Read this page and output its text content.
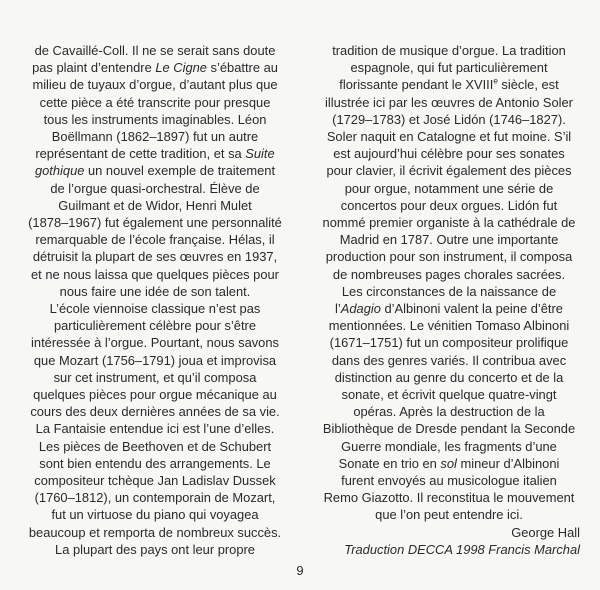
de Cavaillé-Coll. Il ne se serait sans doute
pas plaint d’entendre Le Cigne s’ébattre au
milieu de tuyaux d’orgue, d’autant plus que
cette pièce a été transcrite pour presque
tous les instruments imaginables. Léon
Boëllmann (1862–1897) fut un autre
représentant de cette tradition, et sa Suite
gothique un nouvel exemple de traitement
de l’orgue quasi-orchestral. Élève de
Guilmant et de Widor, Henri Mulet
(1878–1967) fut également une personnalité
remarquable de l’école française. Hélas, il
détruisit la plupart de ses œuvres en 1937,
et ne nous laissa que quelques pièces pour
nous faire une idée de son talent.

L’école viennoise classique n’est pas
particulièrement célèbre pour s’être
intéressée à l’orgue. Pourtant, nous savons
que Mozart (1756–1791) joua et improvisa
sur cet instrument, et qu’il composa
quelques pièces pour orgue mécanique au
cours des deux dernières années de sa vie.
La Fantaisie entendue ici est l’une d’elles.
Les pièces de Beethoven et de Schubert
sont bien entendu des arrangements. Le
compositeur tchèque Jan Ladislav Dussek
(1760–1812), un contemporain de Mozart,
fut un virtuose du piano qui voyagea
beaucoup et remporta de nombreux succès.

La plupart des pays ont leur propre

tradition de musique d’orgue. La tradition
espagnole, qui fut particulièrement
florissante pendant le XVIIIe siècle, est
illustrée ici par les œuvres de Antonio Soler
(1729–1783) et José Lidón (1746–1827).
Soler naquit en Catalogne et fut moine. S’il
est aujourd’hui célèbre pour ses sonates
pour clavier, il écrivit également des pièces
pour orgue, notamment une série de
concertos pour deux orgues. Lidón fut
nommé premier organiste à la cathédrale de
Madrid en 1787. Outre une importante
production pour son instrument, il composa
de nombreuses pages chorales sacrées.

Les circonstances de la naissance de
l’Adagio d’Albinoni valent la peine d’être
mentionnées. Le vénitien Tomaso Albinoni
(1671–1751) fut un compositeur prolifique
dans des genres variés. Il contribua avec
distinction au genre du concerto et de la
sonate, et écrivit quelque quatre-vingt
opéras. Après la destruction de la
Bibliothèque de Dresde pendant la Seconde
Guerre mondiale, les fragments d’une
Sonate en trio en sol mineur d’Albinoni
furent envoyés au musicologue italien
Remo Giazotto. Il reconstitua le mouvement
que l’on peut entendre ici.

George Hall
Traduction DECCA 1998 Francis Marchal
9
